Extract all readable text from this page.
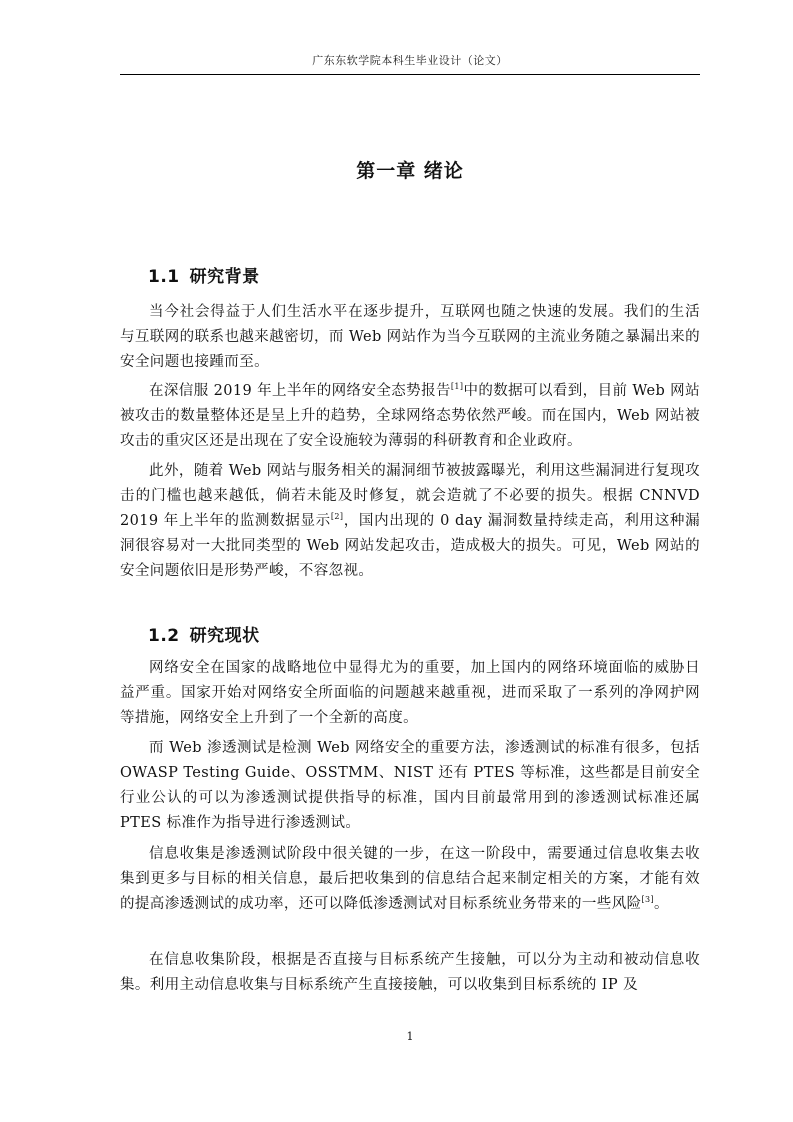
广东东软学院本科生毕业设计（论文）
第一章 绪论
1.1 研究背景

当今社会得益于人们生活水平在逐步提升，互联网也随之快速的发展。我们的生活与互联网的联系也越来越密切，而 Web 网站作为当今互联网的主流业务随之暴漏出来的安全问题也接踵而至。

在深信服 2019 年上半年的网络安全态势报告[1]中的数据可以看到，目前 Web 网站被攻击的数量整体还是呈上升的趋势，全球网络态势依然严峻。而在国内，Web 网站被攻击的重灾区还是出现在了安全设施较为薄弱的科研教育和企业政府。

此外，随着 Web 网站与服务相关的漏洞细节被披露曝光，利用这些漏洞进行复现攻击的门槛也越来越低，倘若未能及时修复，就会造就了不必要的损失。根据 CNNVD 2019 年上半年的监测数据显示[2]，国内出现的 0 day 漏洞数量持续走高，利用这种漏洞很容易对一大批同类型的 Web 网站发起攻击，造成极大的损失。可见，Web 网站的安全问题依旧是形势严峻，不容忽视。

1.2 研究现状

网络安全在国家的战略地位中显得尤为的重要，加上国内的网络环境面临的威胁日益严重。国家开始对网络安全所面临的问题越来越重视，进而采取了一系列的净网护网等措施，网络安全上升到了一个全新的高度。

而 Web 渗透测试是检测 Web 网络安全的重要方法，渗透测试的标准有很多，包括 OWASP Testing Guide、OSSTMM、NIST 还有 PTES 等标准，这些都是目前安全行业公认的可以为渗透测试提供指导的标准，国内目前最常用到的渗透测试标准还属 PTES 标准作为指导进行渗透测试。

信息收集是渗透测试阶段中很关键的一步，在这一阶段中，需要通过信息收集去收集到更多与目标的相关信息，最后把收集到的信息结合起来制定相关的方案，才能有效的提高渗透测试的成功率，还可以降低渗透测试对目标系统业务带来的一些风险[3]。

在信息收集阶段，根据是否直接与目标系统产生接触，可以分为主动和被动信息收集。利用主动信息收集与目标系统产生直接接触，可以收集到目标系统的 IP 及

1
